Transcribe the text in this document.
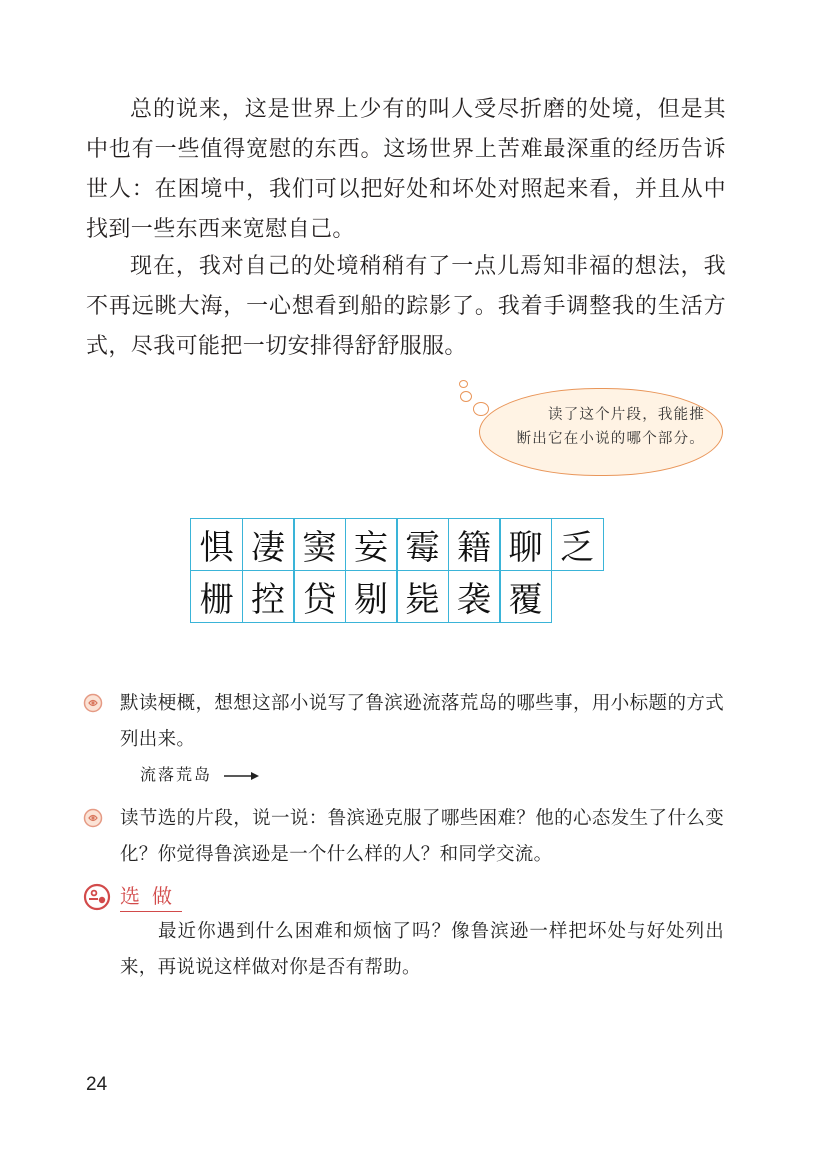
总的说来，这是世界上少有的叫人受尽折磨的处境，但是其中也有一些值得宽慰的东西。这场世界上苦难最深重的经历告诉世人：在困境中，我们可以把好处和坏处对照起来看，并且从中找到一些东西来宽慰自己。

现在，我对自己的处境稍稍有了一点儿焉知非福的想法，我不再远眺大海，一心想看到船的踪影了。我着手调整我的生活方式，尽我可能把一切安排得舒舒服服。

读了这个片段，我能推
断出它在小说的哪个部分。
惧 凄 窦 妄 霉 籍 聊 乏
栅 控 贷 剔 毙 袭 覆

默读梗概，想想这部小说写了鲁滨逊流落荒岛的哪些事，用小标题的方式列出来。

流落荒岛

读节选的片段，说一说：鲁滨逊克服了哪些困难？他的心态发生了什么变化？你觉得鲁滨逊是一个什么样的人？和同学交流。

选做

最近你遇到什么困难和烦恼了吗？像鲁滨逊一样把坏处与好处列出来，再说说这样做对你是否有帮助。

24
